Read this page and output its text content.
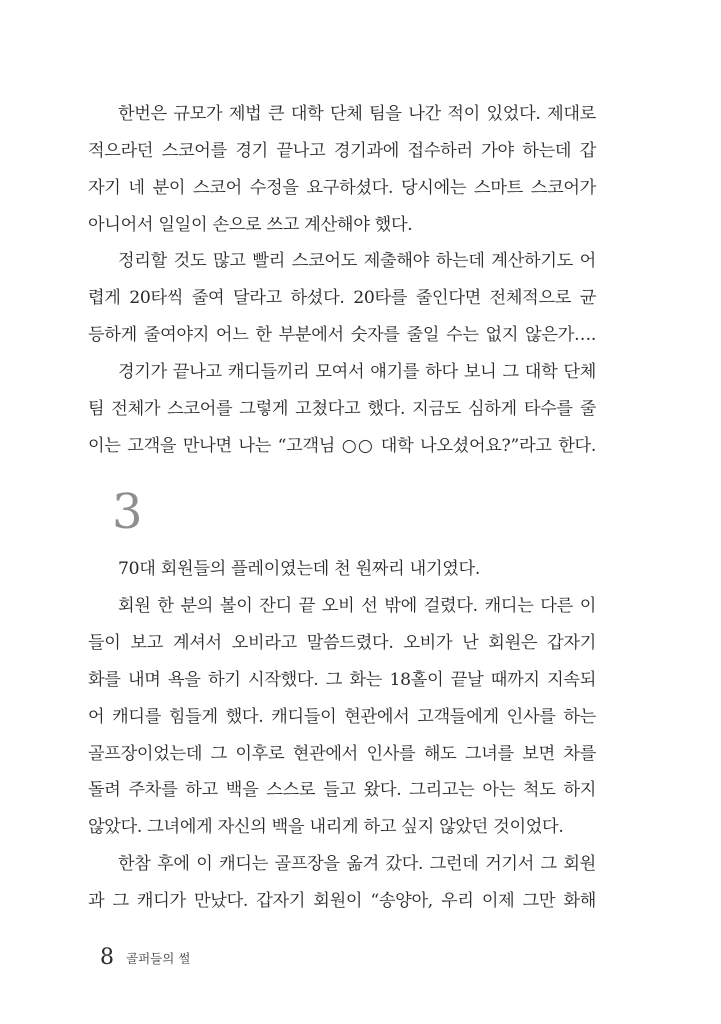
한번은 규모가 제법 큰 대학 단체 팀을 나간 적이 있었다. 제대로
적으라던 스코어를 경기 끝나고 경기과에 접수하러 가야 하는데 갑
자기 네 분이 스코어 수정을 요구하셨다. 당시에는 스마트 스코어가
아니어서 일일이 손으로 쓰고 계산해야 했다.
정리할 것도 많고 빨리 스코어도 제출해야 하는데 계산하기도 어
렵게 20타씩 줄여 달라고 하셨다. 20타를 줄인다면 전체적으로 균
등하게 줄여야지 어느 한 부분에서 숫자를 줄일 수는 없지 않은가….
경기가 끝나고 캐디들끼리 모여서 얘기를 하다 보니 그 대학 단체
팀 전체가 스코어를 그렇게 고쳤다고 했다. 지금도 심하게 타수를 줄
이는 고객을 만나면 나는 “고객님 ○○ 대학 나오셨어요?”라고 한다.
3
70대 회원들의 플레이였는데 천 원짜리 내기였다.
회원 한 분의 볼이 잔디 끝 오비 선 밖에 걸렸다. 캐디는 다른 이
들이 보고 계셔서 오비라고 말씀드렸다. 오비가 난 회원은 갑자기
화를 내며 욕을 하기 시작했다. 그 화는 18홀이 끝날 때까지 지속되
어 캐디를 힘들게 했다. 캐디들이 현관에서 고객들에게 인사를 하는
골프장이었는데 그 이후로 현관에서 인사를 해도 그녀를 보면 차를
돌려 주차를 하고 백을 스스로 들고 왔다. 그리고는 아는 척도 하지
않았다. 그녀에게 자신의 백을 내리게 하고 싶지 않았던 것이었다.
한참 후에 이 캐디는 골프장을 옮겨 갔다. 그런데 거기서 그 회원
과 그 캐디가 만났다. 갑자기 회원이 “송양아, 우리 이제 그만 화해
8 골퍼들의 썰
